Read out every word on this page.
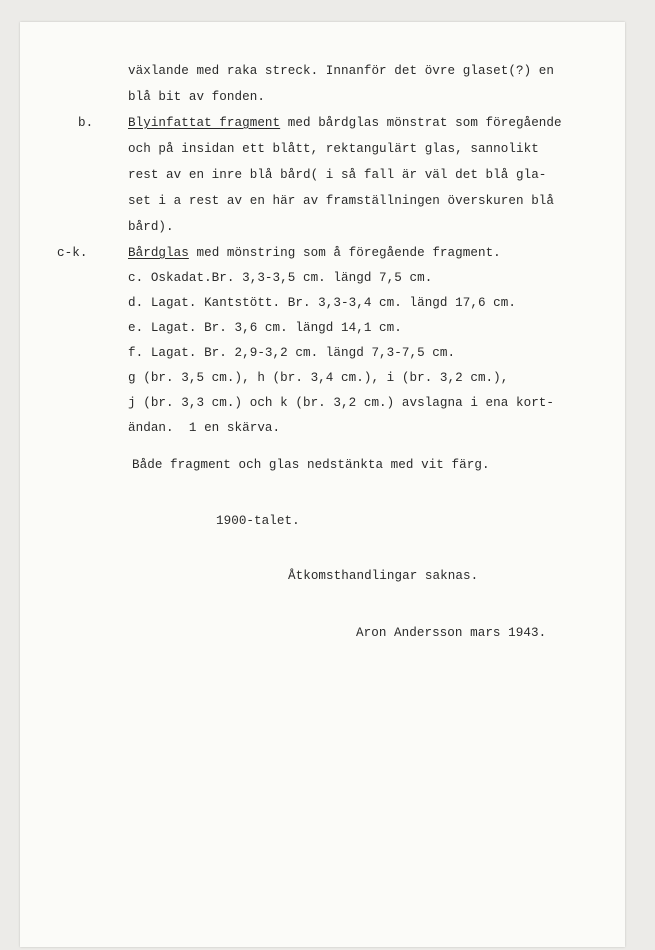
växlande med raka streck. Innanför det övre glaset(?) en
blå bit av fonden.
b.	Blyinfattat fragment med bårdglas mönstrat som föregående
och på insidan ett blått, rektangulärt glas, sannolikt
rest av en inre blå bård( i så fall är väl det blå gla-
set i a rest av en här av framställningen överskuren blå
bård).
c-k.	Bårdglas med mönstring som å föregående fragment.
c. Oskadat.Br. 3,3-3,5 cm. längd 7,5 cm.
d. Lagat. Kantstött. Br. 3,3-3,4 cm. längd 17,6 cm.
e. Lagat. Br. 3,6 cm. längd 14,1 cm.
f. Lagat. Br. 2,9-3,2 cm. längd 7,3-7,5 cm.
g (br. 3,5 cm.), h (br. 3,4 cm.), i (br. 3,2 cm.),
j (br. 3,3 cm.) och k (br. 3,2 cm.) avslagna i ena kort-
ändan.  1 en skärva.
Både fragment och glas nedstänkta med vit färg.
1900-talet.
Åtkomsthandlingar saknas.
Aron Andersson mars 1943.
